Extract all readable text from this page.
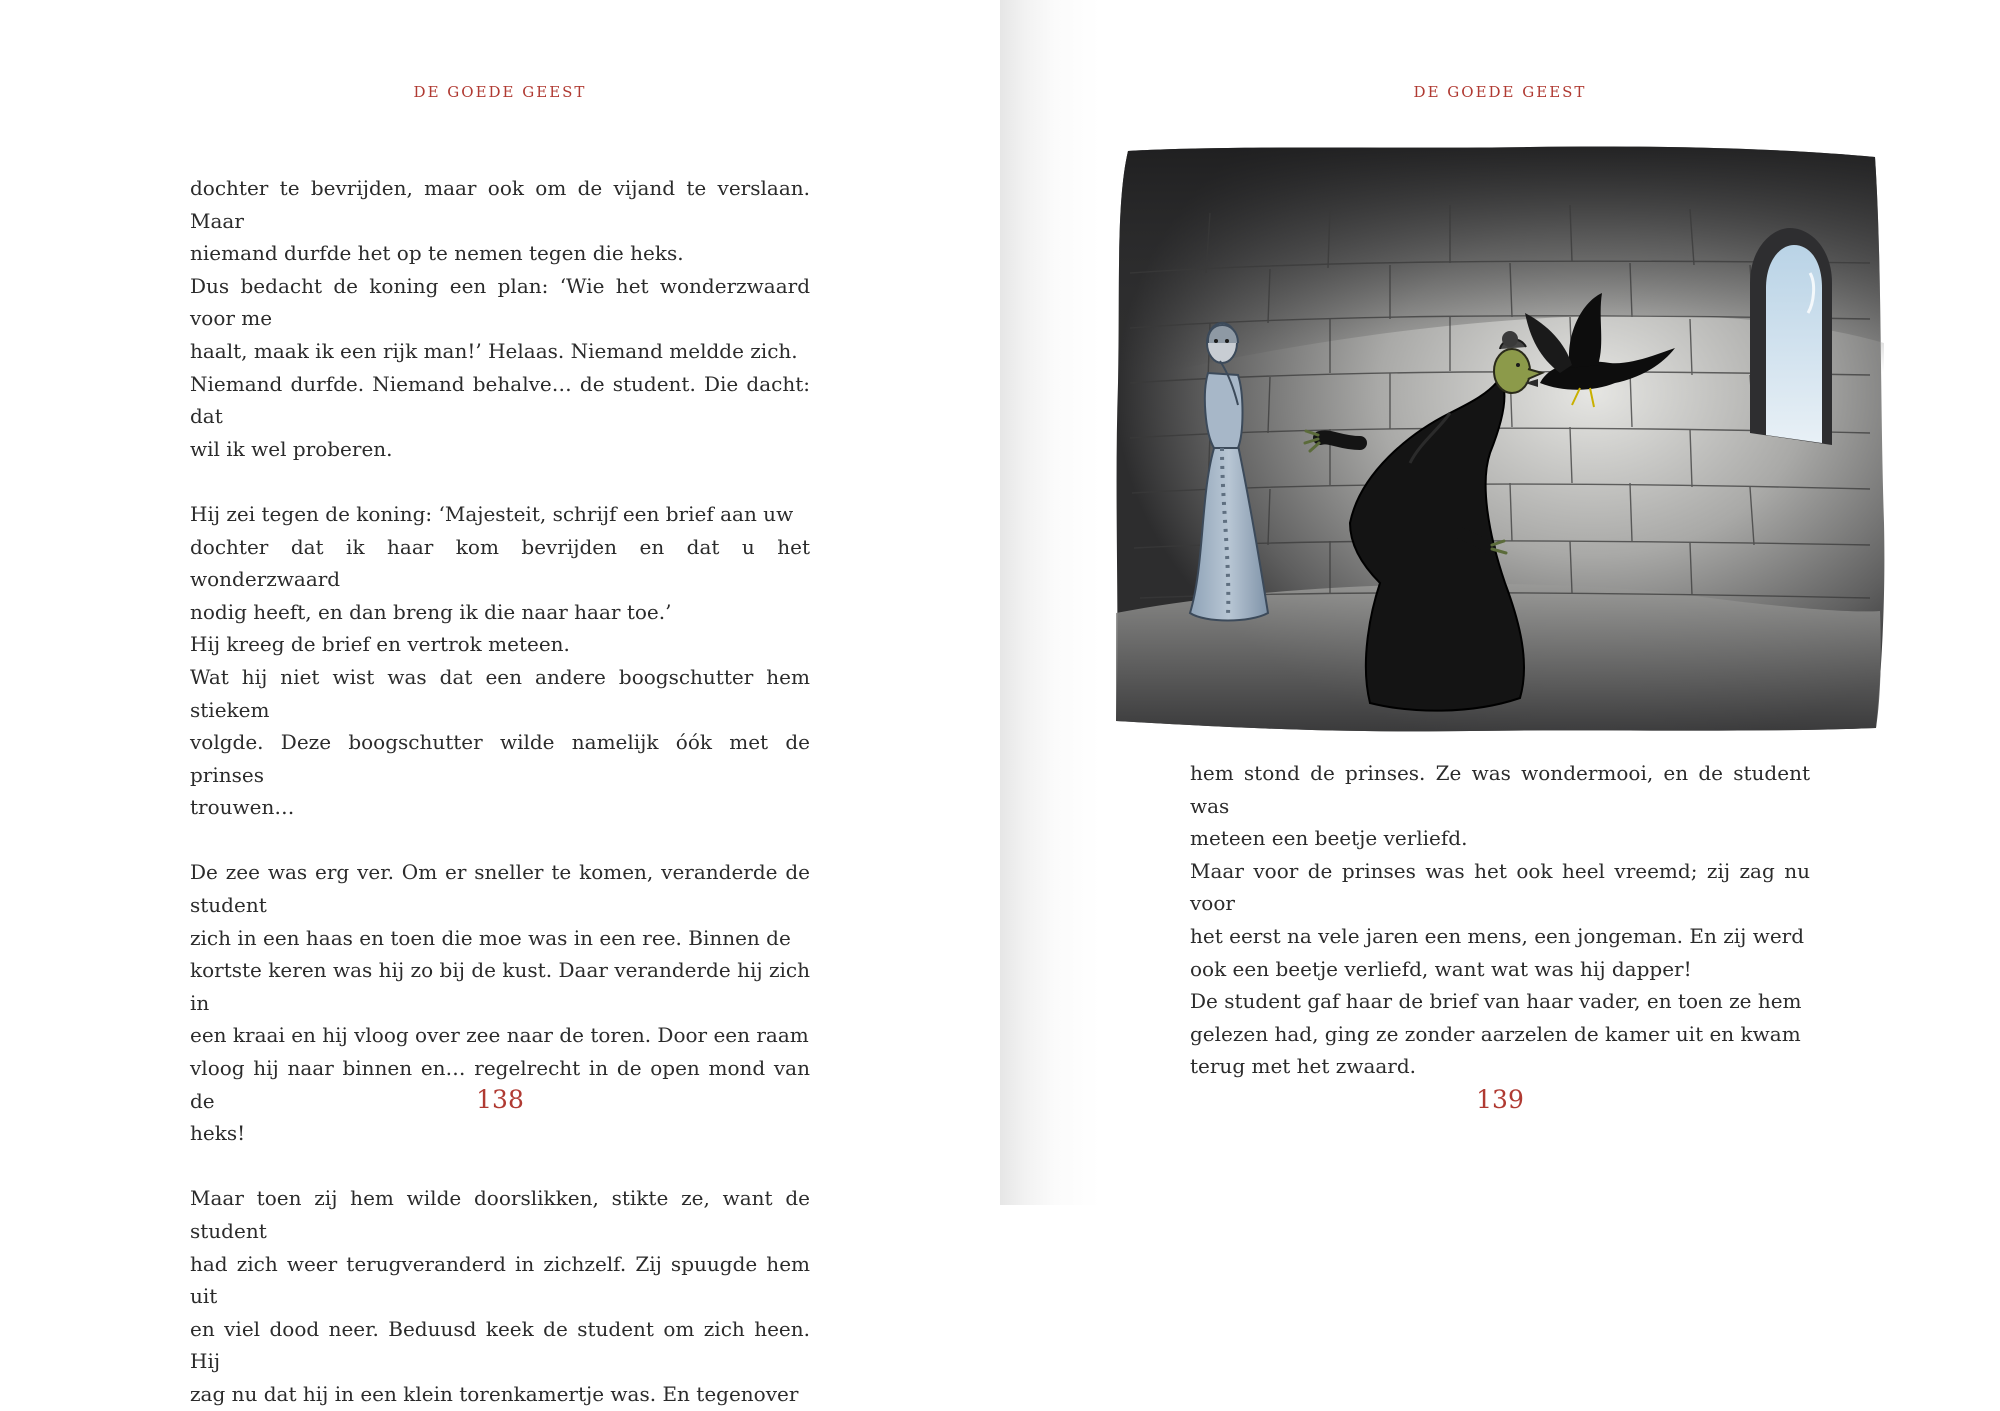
DE GOEDE GEEST

dochter te bevrijden, maar ook om de vijand te verslaan. Maar
niemand durfde het op te nemen tegen die heks.
Dus bedacht de koning een plan: ‘Wie het wonderzwaard voor me
haalt, maak ik een rijk man!’ Helaas. Niemand meldde zich.
Niemand durfde. Niemand behalve… de student. Die dacht: dat
wil ik wel proberen.

Hij zei tegen de koning: ‘Majesteit, schrijf een brief aan uw
dochter dat ik haar kom bevrijden en dat u het wonderzwaard
nodig heeft, en dan breng ik die naar haar toe.’
Hij kreeg de brief en vertrok meteen.
Wat hij niet wist was dat een andere boogschutter hem stiekem
volgde. Deze boogschutter wilde namelijk óók met de prinses
trouwen…

De zee was erg ver. Om er sneller te komen, veranderde de student
zich in een haas en toen die moe was in een ree. Binnen de
kortste keren was hij zo bij de kust. Daar veranderde hij zich in
een kraai en hij vloog over zee naar de toren. Door een raam
vloog hij naar binnen en… regelrecht in de open mond van de
heks!

Maar toen zij hem wilde doorslikken, stikte ze, want de student
had zich weer terugveranderd in zichzelf. Zij spuugde hem uit
en viel dood neer. Beduusd keek de student om zich heen. Hij
zag nu dat hij in een klein torenkamertje was. En tegenover

138
DE GOEDE GEEST

hem stond de prinses. Ze was wondermooi, en de student was
meteen een beetje verliefd.
Maar voor de prinses was het ook heel vreemd; zij zag nu voor
het eerst na vele jaren een mens, een jongeman. En zij werd
ook een beetje verliefd, want wat was hij dapper!
De student gaf haar de brief van haar vader, en toen ze hem
gelezen had, ging ze zonder aarzelen de kamer uit en kwam
terug met het zwaard.

139
